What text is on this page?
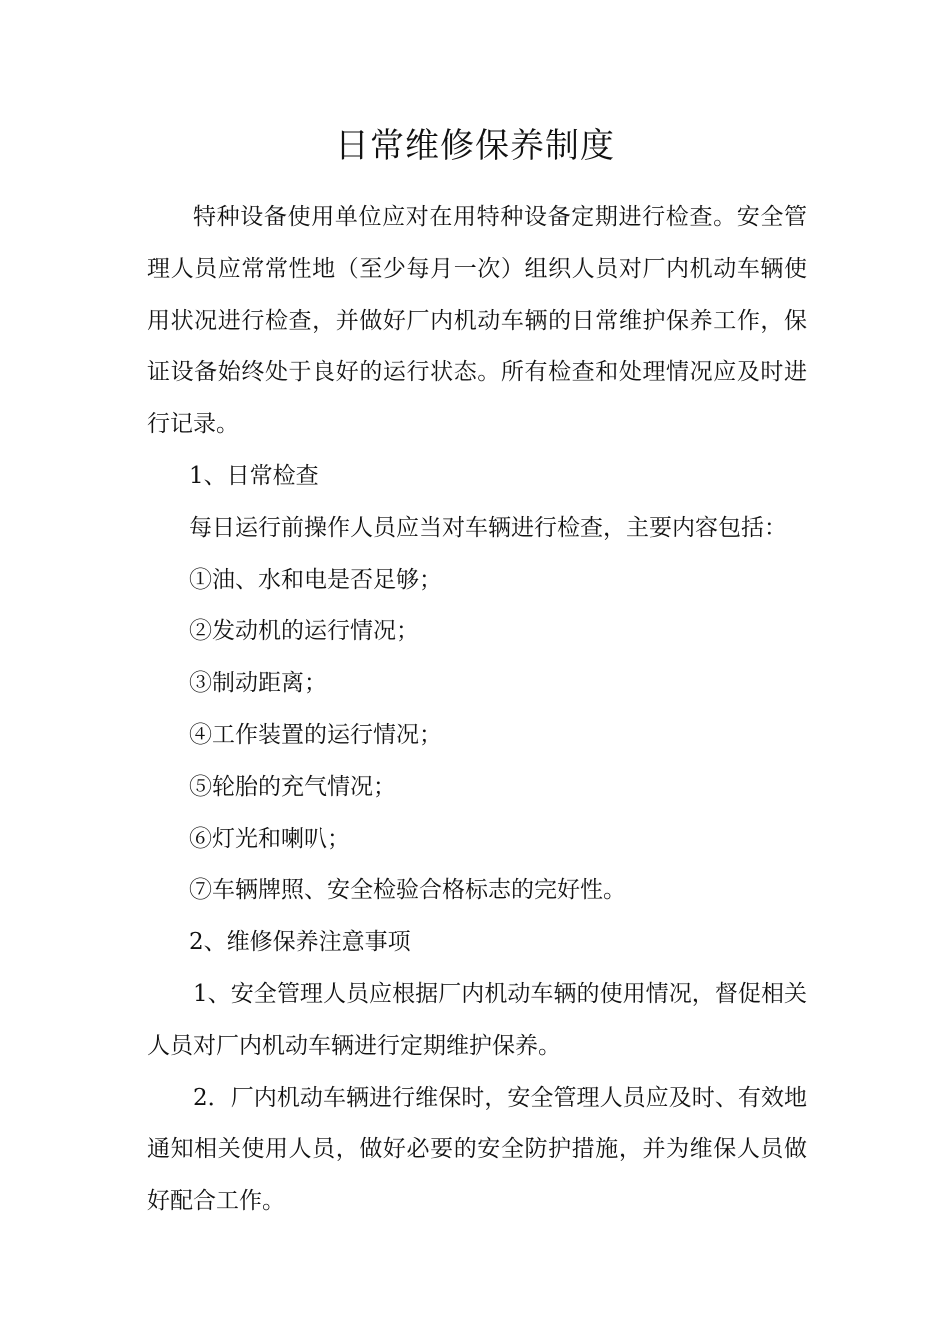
日常维修保养制度

特种设备使用单位应对在用特种设备定期进行检查。安全管理人员应常常性地（至少每月一次）组织人员对厂内机动车辆使用状况进行检查，并做好厂内机动车辆的日常维护保养工作，保证设备始终处于良好的运行状态。所有检查和处理情况应及时进行记录。

1、日常检查

每日运行前操作人员应当对车辆进行检查，主要内容包括：

①油、水和电是否足够；

②发动机的运行情况；

③制动距离；

④工作装置的运行情况；

⑤轮胎的充气情况；

⑥灯光和喇叭；

⑦车辆牌照、安全检验合格标志的完好性。

2、维修保养注意事项

1、安全管理人员应根据厂内机动车辆的使用情况，督促相关人员对厂内机动车辆进行定期维护保养。

2．厂内机动车辆进行维保时，安全管理人员应及时、有效地通知相关使用人员，做好必要的安全防护措施，并为维保人员做好配合工作。
